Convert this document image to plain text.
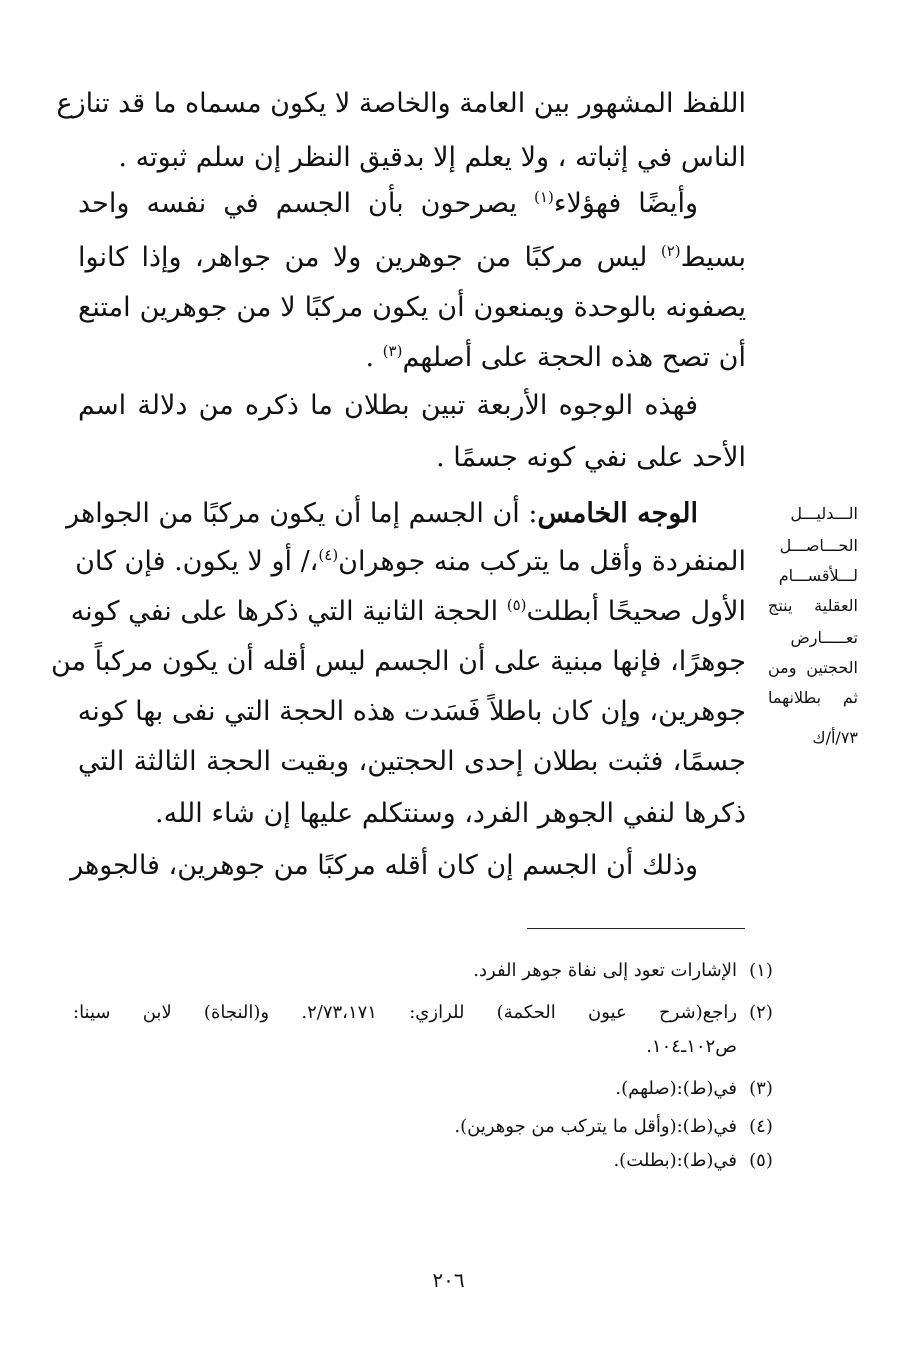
اللفظ المشهور بين العامة والخاصة لا يكون مسماه ما قد تنازع
الناس في إثباته ، ولا يعلم إلا بدقيق النظر إن سلم ثبوته .
وأيضًا فهؤلاء$^{(١)}$ يصرحون بأن الجسم في نفسه واحد
بسيط$^{(٢)}$ ليس مركبًا من جوهرين ولا من جواهر، وإذا كانوا
يصفونه بالوحدة ويمنعون أن يكون مركبًا لا من جوهرين امتنع
أن تصح هذه الحجة على أصلهم$^{(٣)}$ .
فهذه الوجوه الأربعة تبين بطلان ما ذكره من دلالة اسم
الأحد على نفي كونه جسمًا .
الوجه الخامس: أن الجسم إما أن يكون مركبًا من الجواهر
المنفردة وأقل ما يتركب منه جوهران$^{(٤)}$،/ أو لا يكون. فإن كان
الأول صحيحًا أبطلت$^{(٥)}$ الحجة الثانية التي ذكرها على نفي كونه
جوهرًا، فإنها مبنية على أن الجسم ليس أقله أن يكون مركباً من
جوهرين، وإن كان باطلاً فَسَدت هذه الحجة التي نفى بها كونه
جسمًا، فثبت بطلان إحدى الحجتين، وبقيت الحجة الثالثة التي
ذكرها لنفي الجوهر الفرد، وسنتكلم عليها إن شاء الله.
وذلك أن الجسم إن كان أقله مركبًا من جوهرين، فالجوهر
الـــدليـــل
الحـــاصـــل
لـــلأقســـام
العقلية ينتج
تعـــــارض
الحجتين ومن
ثم بطلانهما
٧٣/أ/ك
(١)
الإشارات تعود إلى نفاة جوهر الفرد.
(٢)
راجع(شرح عيون الحكمة) للرازي: ٢/٧٣،١٧١. و(النجاة) لابن سينا:
ص١٠٢ـ١٠٤.
(٣)
في(ط):(صلهم).
(٤)
في(ط):(وأقل ما يتركب من جوهرين).
(٥)
في(ط):(بطلت).
٢٠٦
